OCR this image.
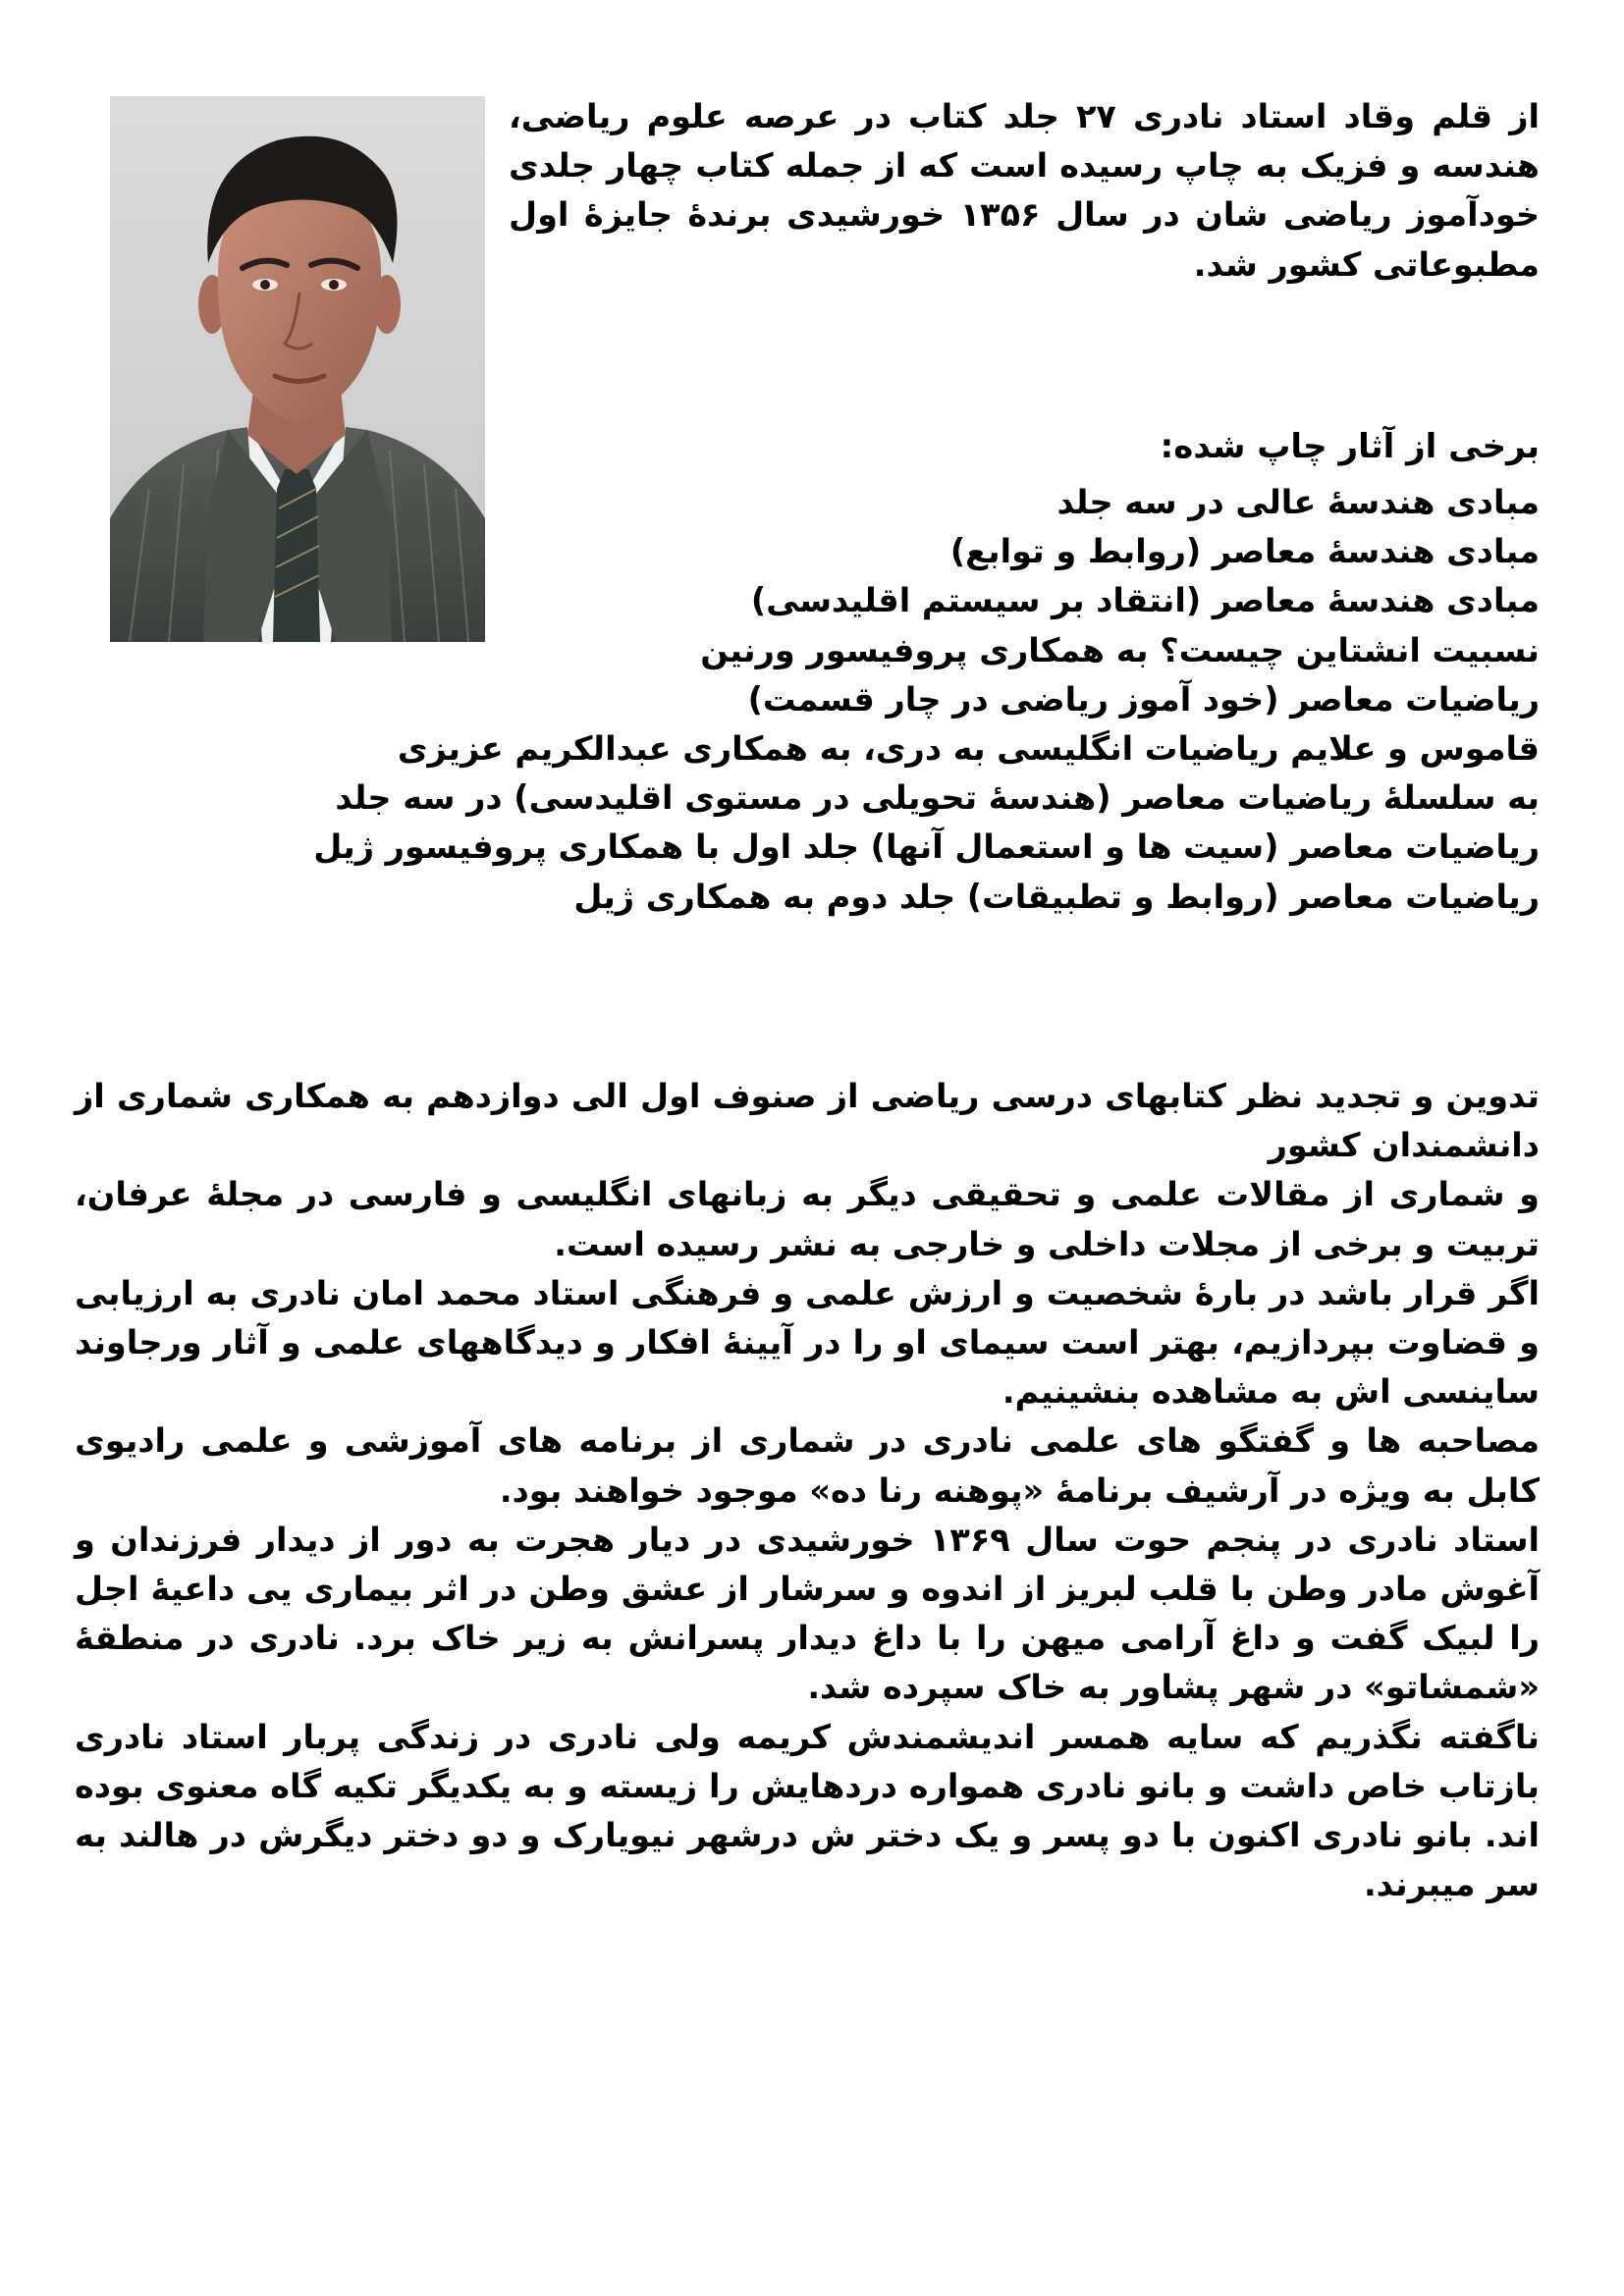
از قلم وقاد استاد نادری ۲۷ جلد کتاب در عرصه علوم ریاضی، هندسه و فزیک به چاپ رسیده است که از جمله کتاب چهار جلدی خودآموز ریاضی شان در سال ۱۳۵۶ خورشیدی برندهٔ جایزهٔ اول مطبوعاتی کشور شد.

برخی از آثار چاپ شده:
مبادی هندسهٔ عالی در سه جلد
مبادی هندسهٔ معاصر (روابط و توابع)
مبادی هندسهٔ معاصر (انتقاد بر سیستم اقلیدسی)
نسبیت انشتاین چیست؟ به همکاری پروفیسور ورنین
ریاضیات معاصر (خود آموز ریاضی در چار قسمت)
قاموس و علایم ریاضیات انگلیسی به دری، به همکاری عبدالکریم عزیزی
به سلسلهٔ ریاضیات معاصر (هندسهٔ تحویلی در مستوی اقلیدسی) در سه جلد
ریاضیات معاصر (سیت ها و استعمال آنها) جلد اول با همکاری پروفیسور ژیل
ریاضیات معاصر (روابط و تطبیقات) جلد دوم به همکاری ژیل

تدوین و تجدید نظر کتابهای درسی ریاضی از صنوف اول الی دوازدهم به همکاری شماری از دانشمندان کشور

و شماری از مقالات علمی و تحقیقی دیگر به زبانهای انگلیسی و فارسی در مجلهٔ عرفان، تربیت و برخی از مجلات داخلی و خارجی به نشر رسیده است.

اگر قرار باشد در بارهٔ شخصیت و ارزش علمی و فرهنگی استاد محمد امان نادری به ارزیابی و قضاوت بپردازیم، بهتر است سیمای او را در آیینهٔ افکار و دیدگاههای علمی و آثار ورجاوند ساینسی اش به مشاهده بنشینیم.

مصاحبه ها و گفتگو های علمی نادری در شماری از برنامه های آموزشی و علمی رادیوی کابل به ویژه در آرشیف برنامهٔ «پوهنه رنا ده» موجود خواهند بود.

استاد نادری در پنجم حوت سال ۱۳۶۹ خورشیدی در دیار هجرت به دور از دیدار فرزندان و آغوش مادر وطن با قلب لبریز از اندوه و سرشار از عشق وطن در اثر بیماری یی داعیهٔ اجل را لبیک گفت و داغ آرامی میهن را با داغ دیدار پسرانش به زیر خاک برد. نادری در منطقهٔ «شمشاتو» در شهر پشاور به خاک سپرده شد.

ناگفته نگذریم که سایه همسر اندیشمندش کریمه ولی نادری در زندگی پربار استاد نادری بازتاب خاص داشت و بانو نادری همواره دردهایش را زیسته و به یکدیگر تکیه گاه معنوی بوده اند. بانو نادری اکنون با دو پسر و یک دختر ش درشهر نیویارک و دو دختر دیگرش در هالند به سر میبرند.
